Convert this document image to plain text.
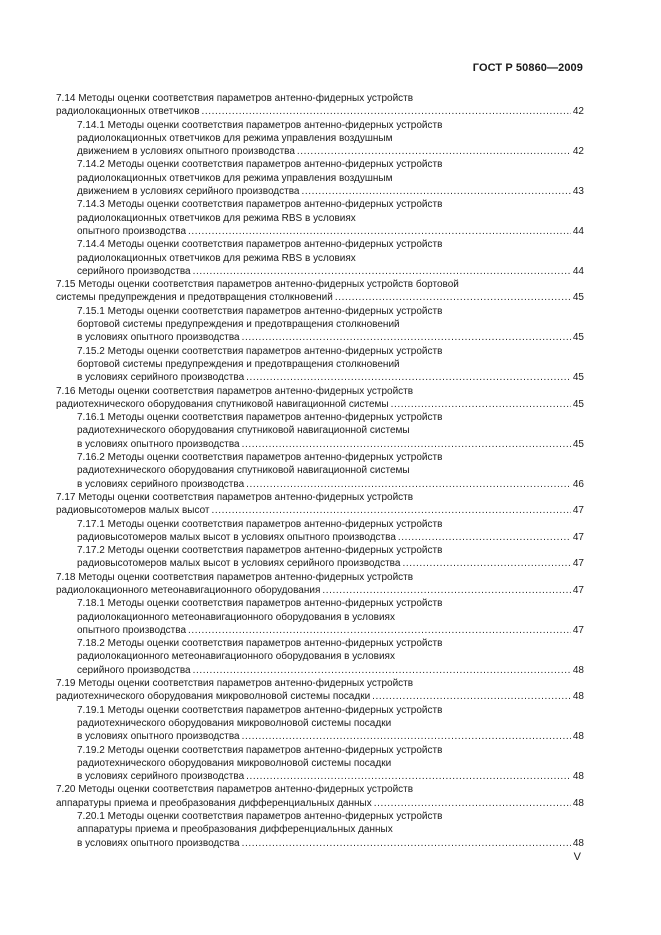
ГОСТ Р 50860—2009
7.14 Методы оценки соответствия параметров антенно-фидерных устройств
радиолокационных ответчиков .....	42
7.14.1 Методы оценки соответствия параметров антенно-фидерных устройств
радиолокационных ответчиков для режима управления воздушным
движением в условиях опытного производства .....	42
7.14.2 Методы оценки соответствия параметров антенно-фидерных устройств
радиолокационных ответчиков для режима управления воздушным
движением в условиях серийного производства .....	43
7.14.3 Методы оценки соответствия параметров антенно-фидерных устройств
радиолокационных ответчиков для режима RBS в условиях
опытного производства .....	44
7.14.4 Методы оценки соответствия параметров антенно-фидерных устройств
радиолокационных ответчиков для режима RBS в условиях
серийного производства .....	44
7.15 Методы оценки соответствия параметров антенно-фидерных устройств бортовой
системы предупреждения и предотвращения столкновений .....	45
7.15.1 Методы оценки соответствия параметров антенно-фидерных устройств
бортовой системы предупреждения и предотвращения столкновений
в условиях опытного производства .....	45
7.15.2 Методы оценки соответствия параметров антенно-фидерных устройств
бортовой системы предупреждения и предотвращения столкновений
в условиях серийного производства .....	45
7.16 Методы оценки соответствия параметров антенно-фидерных устройств
радиотехнического оборудования спутниковой навигационной системы .....	45
7.16.1 Методы оценки соответствия параметров антенно-фидерных устройств
радиотехнического оборудования спутниковой навигационной системы
в условиях опытного производства .....	45
7.16.2 Методы оценки соответствия параметров антенно-фидерных устройств
радиотехнического оборудования спутниковой навигационной системы
в условиях серийного производства .....	46
7.17 Методы оценки соответствия параметров антенно-фидерных устройств
радиовысотомеров малых высот .....	47
7.17.1 Методы оценки соответствия параметров антенно-фидерных устройств
радиовысотомеров малых высот в условиях опытного производства .....	47
7.17.2 Методы оценки соответствия параметров антенно-фидерных устройств
радиовысотомеров малых высот в условиях серийного производства .....	47
7.18 Методы оценки соответствия параметров антенно-фидерных устройств
радиолокационного метеонавигационного оборудования .....	47
7.18.1 Методы оценки соответствия параметров антенно-фидерных устройств
радиолокационного метеонавигационного оборудования в условиях
опытного производства .....	47
7.18.2 Методы оценки соответствия параметров антенно-фидерных устройств
радиолокационного метеонавигационного оборудования в условиях
серийного производства .....	48
7.19 Методы оценки соответствия параметров антенно-фидерных устройств
радиотехнического оборудования микроволновой системы посадки .....	48
7.19.1 Методы оценки соответствия параметров антенно-фидерных устройств
радиотехнического оборудования микроволновой системы посадки
в условиях опытного производства .....	48
7.19.2 Методы оценки соответствия параметров антенно-фидерных устройств
радиотехнического оборудования микроволновой системы посадки
в условиях серийного производства .....	48
7.20 Методы оценки соответствия параметров антенно-фидерных устройств
аппаратуры приема и преобразования дифференциальных данных .....	48
7.20.1 Методы оценки соответствия параметров антенно-фидерных устройств
аппаратуры приема и преобразования дифференциальных данных
в условиях опытного производства .....	48
V
